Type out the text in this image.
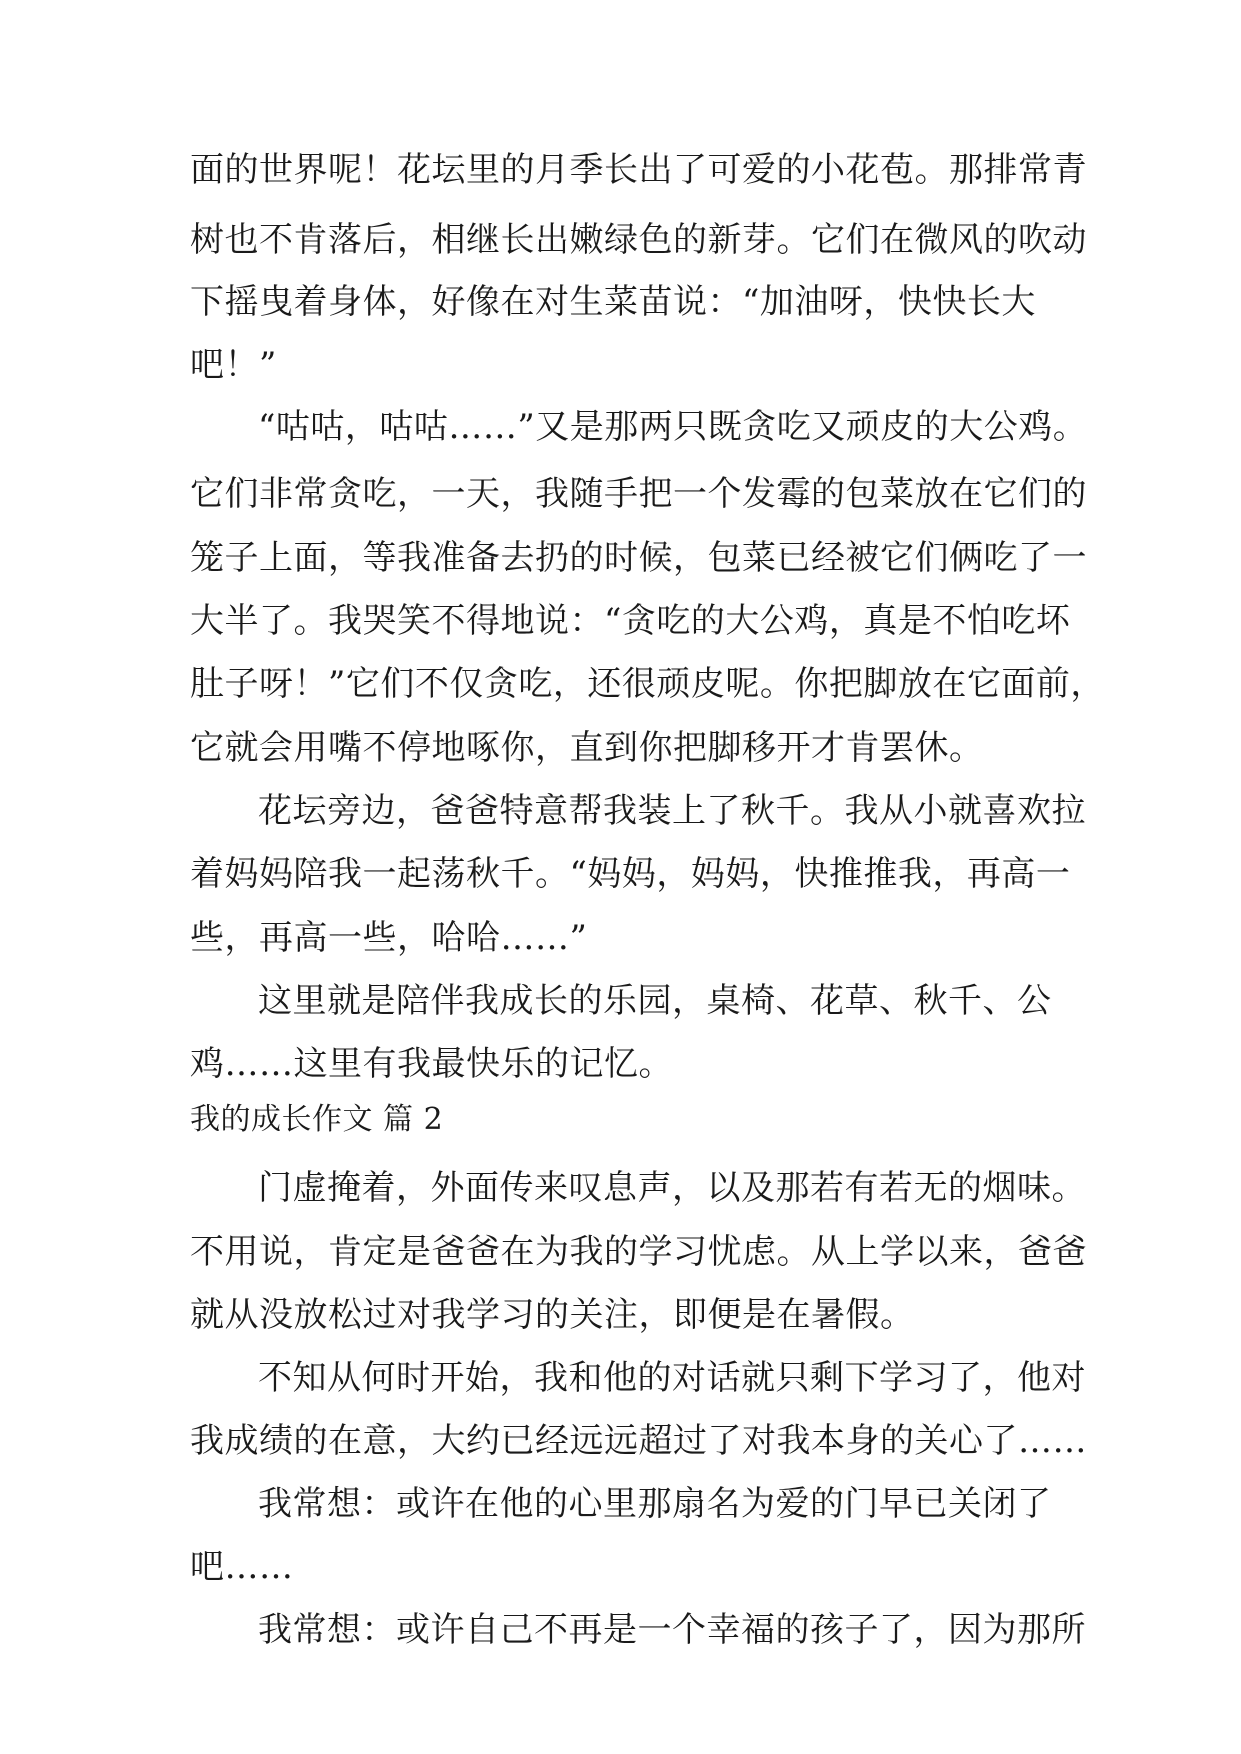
面的世界呢！花坛里的月季长出了可爱的小花苞。那排常青
树也不肯落后，相继长出嫩绿色的新芽。它们在微风的吹动
下摇曳着身体，好像在对生菜苗说：“加油呀，快快长大
吧！”
“咕咕，咕咕……”又是那两只既贪吃又顽皮的大公鸡。
它们非常贪吃，一天，我随手把一个发霉的包菜放在它们的
笼子上面，等我准备去扔的时候，包菜已经被它们俩吃了一
大半了。我哭笑不得地说：“贪吃的大公鸡，真是不怕吃坏
肚子呀！”它们不仅贪吃，还很顽皮呢。你把脚放在它面前，
它就会用嘴不停地啄你，直到你把脚移开才肯罢休。
花坛旁边，爸爸特意帮我装上了秋千。我从小就喜欢拉
着妈妈陪我一起荡秋千。“妈妈，妈妈，快推推我，再高一
些，再高一些，哈哈……”
这里就是陪伴我成长的乐园，桌椅、花草、秋千、公
鸡……这里有我最快乐的记忆。
我的成长作文 篇 2
门虚掩着，外面传来叹息声，以及那若有若无的烟味。
不用说，肯定是爸爸在为我的学习忧虑。从上学以来，爸爸
就从没放松过对我学习的关注，即便是在暑假。
不知从何时开始，我和他的对话就只剩下学习了，他对
我成绩的在意，大约已经远远超过了对我本身的关心了……
我常想：或许在他的心里那扇名为爱的门早已关闭了
吧……
我常想：或许自己不再是一个幸福的孩子了，因为那所
